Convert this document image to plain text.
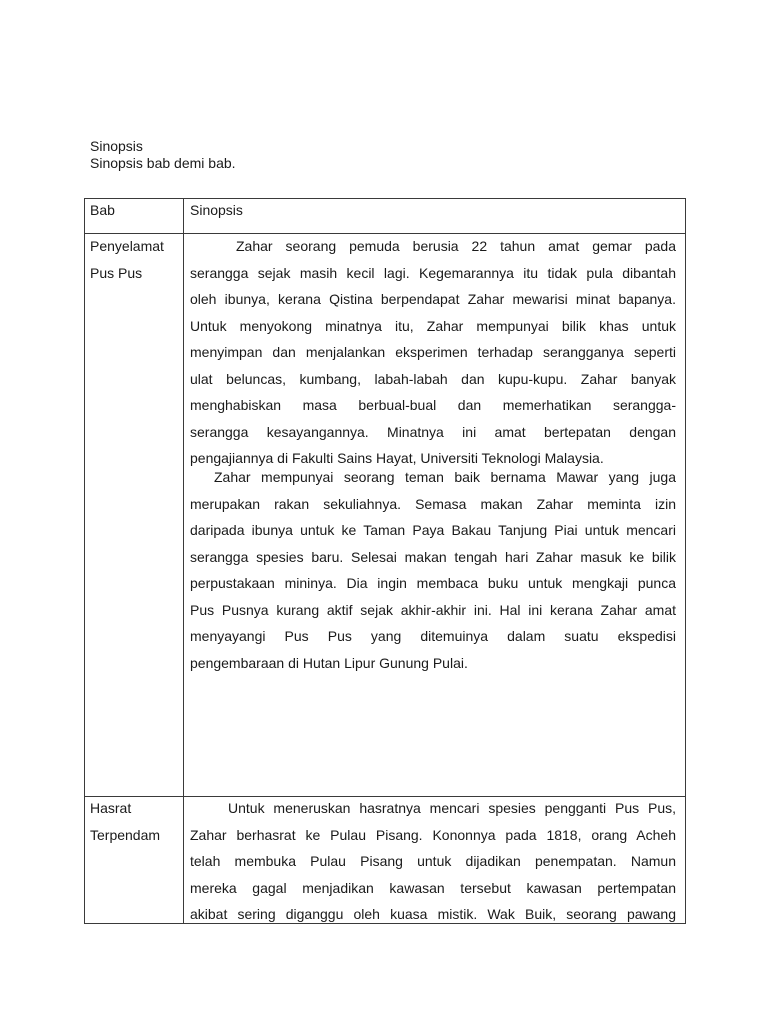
Sinopsis
Sinopsis bab demi bab.
Bab	Sinopsis
Penyelamat
Pus Pus
Zahar seorang pemuda berusia 22 tahun amat gemar pada
serangga sejak masih kecil lagi. Kegemarannya itu tidak pula dibantah
oleh ibunya, kerana Qistina berpendapat Zahar mewarisi minat bapanya.
Untuk menyokong minatnya itu, Zahar mempunyai bilik khas untuk
menyimpan dan menjalankan eksperimen terhadap serangganya seperti
ulat beluncas, kumbang, labah-labah dan kupu-kupu. Zahar banyak
menghabiskan masa berbual-bual dan memerhatikan serangga-
serangga kesayangannya. Minatnya ini amat bertepatan dengan
pengajiannya di Fakulti Sains Hayat, Universiti Teknologi Malaysia.
Zahar mempunyai seorang teman baik bernama Mawar yang juga
merupakan rakan sekuliahnya. Semasa makan Zahar meminta izin
daripada ibunya untuk ke Taman Paya Bakau Tanjung Piai untuk mencari
serangga spesies baru. Selesai makan tengah hari Zahar masuk ke bilik
perpustakaan mininya. Dia ingin membaca buku untuk mengkaji punca
Pus Pusnya kurang aktif sejak akhir-akhir ini. Hal ini kerana Zahar amat
menyayangi Pus Pus yang ditemuinya dalam suatu ekspedisi
pengembaraan di Hutan Lipur Gunung Pulai.
Hasrat
Terpendam
Untuk meneruskan hasratnya mencari spesies pengganti Pus Pus,
Zahar berhasrat ke Pulau Pisang. Kononnya pada 1818, orang Acheh
telah membuka Pulau Pisang untuk dijadikan penempatan. Namun
mereka gagal menjadikan kawasan tersebut kawasan pertempatan
akibat sering diganggu oleh kuasa mistik. Wak Buik, seorang pawang
